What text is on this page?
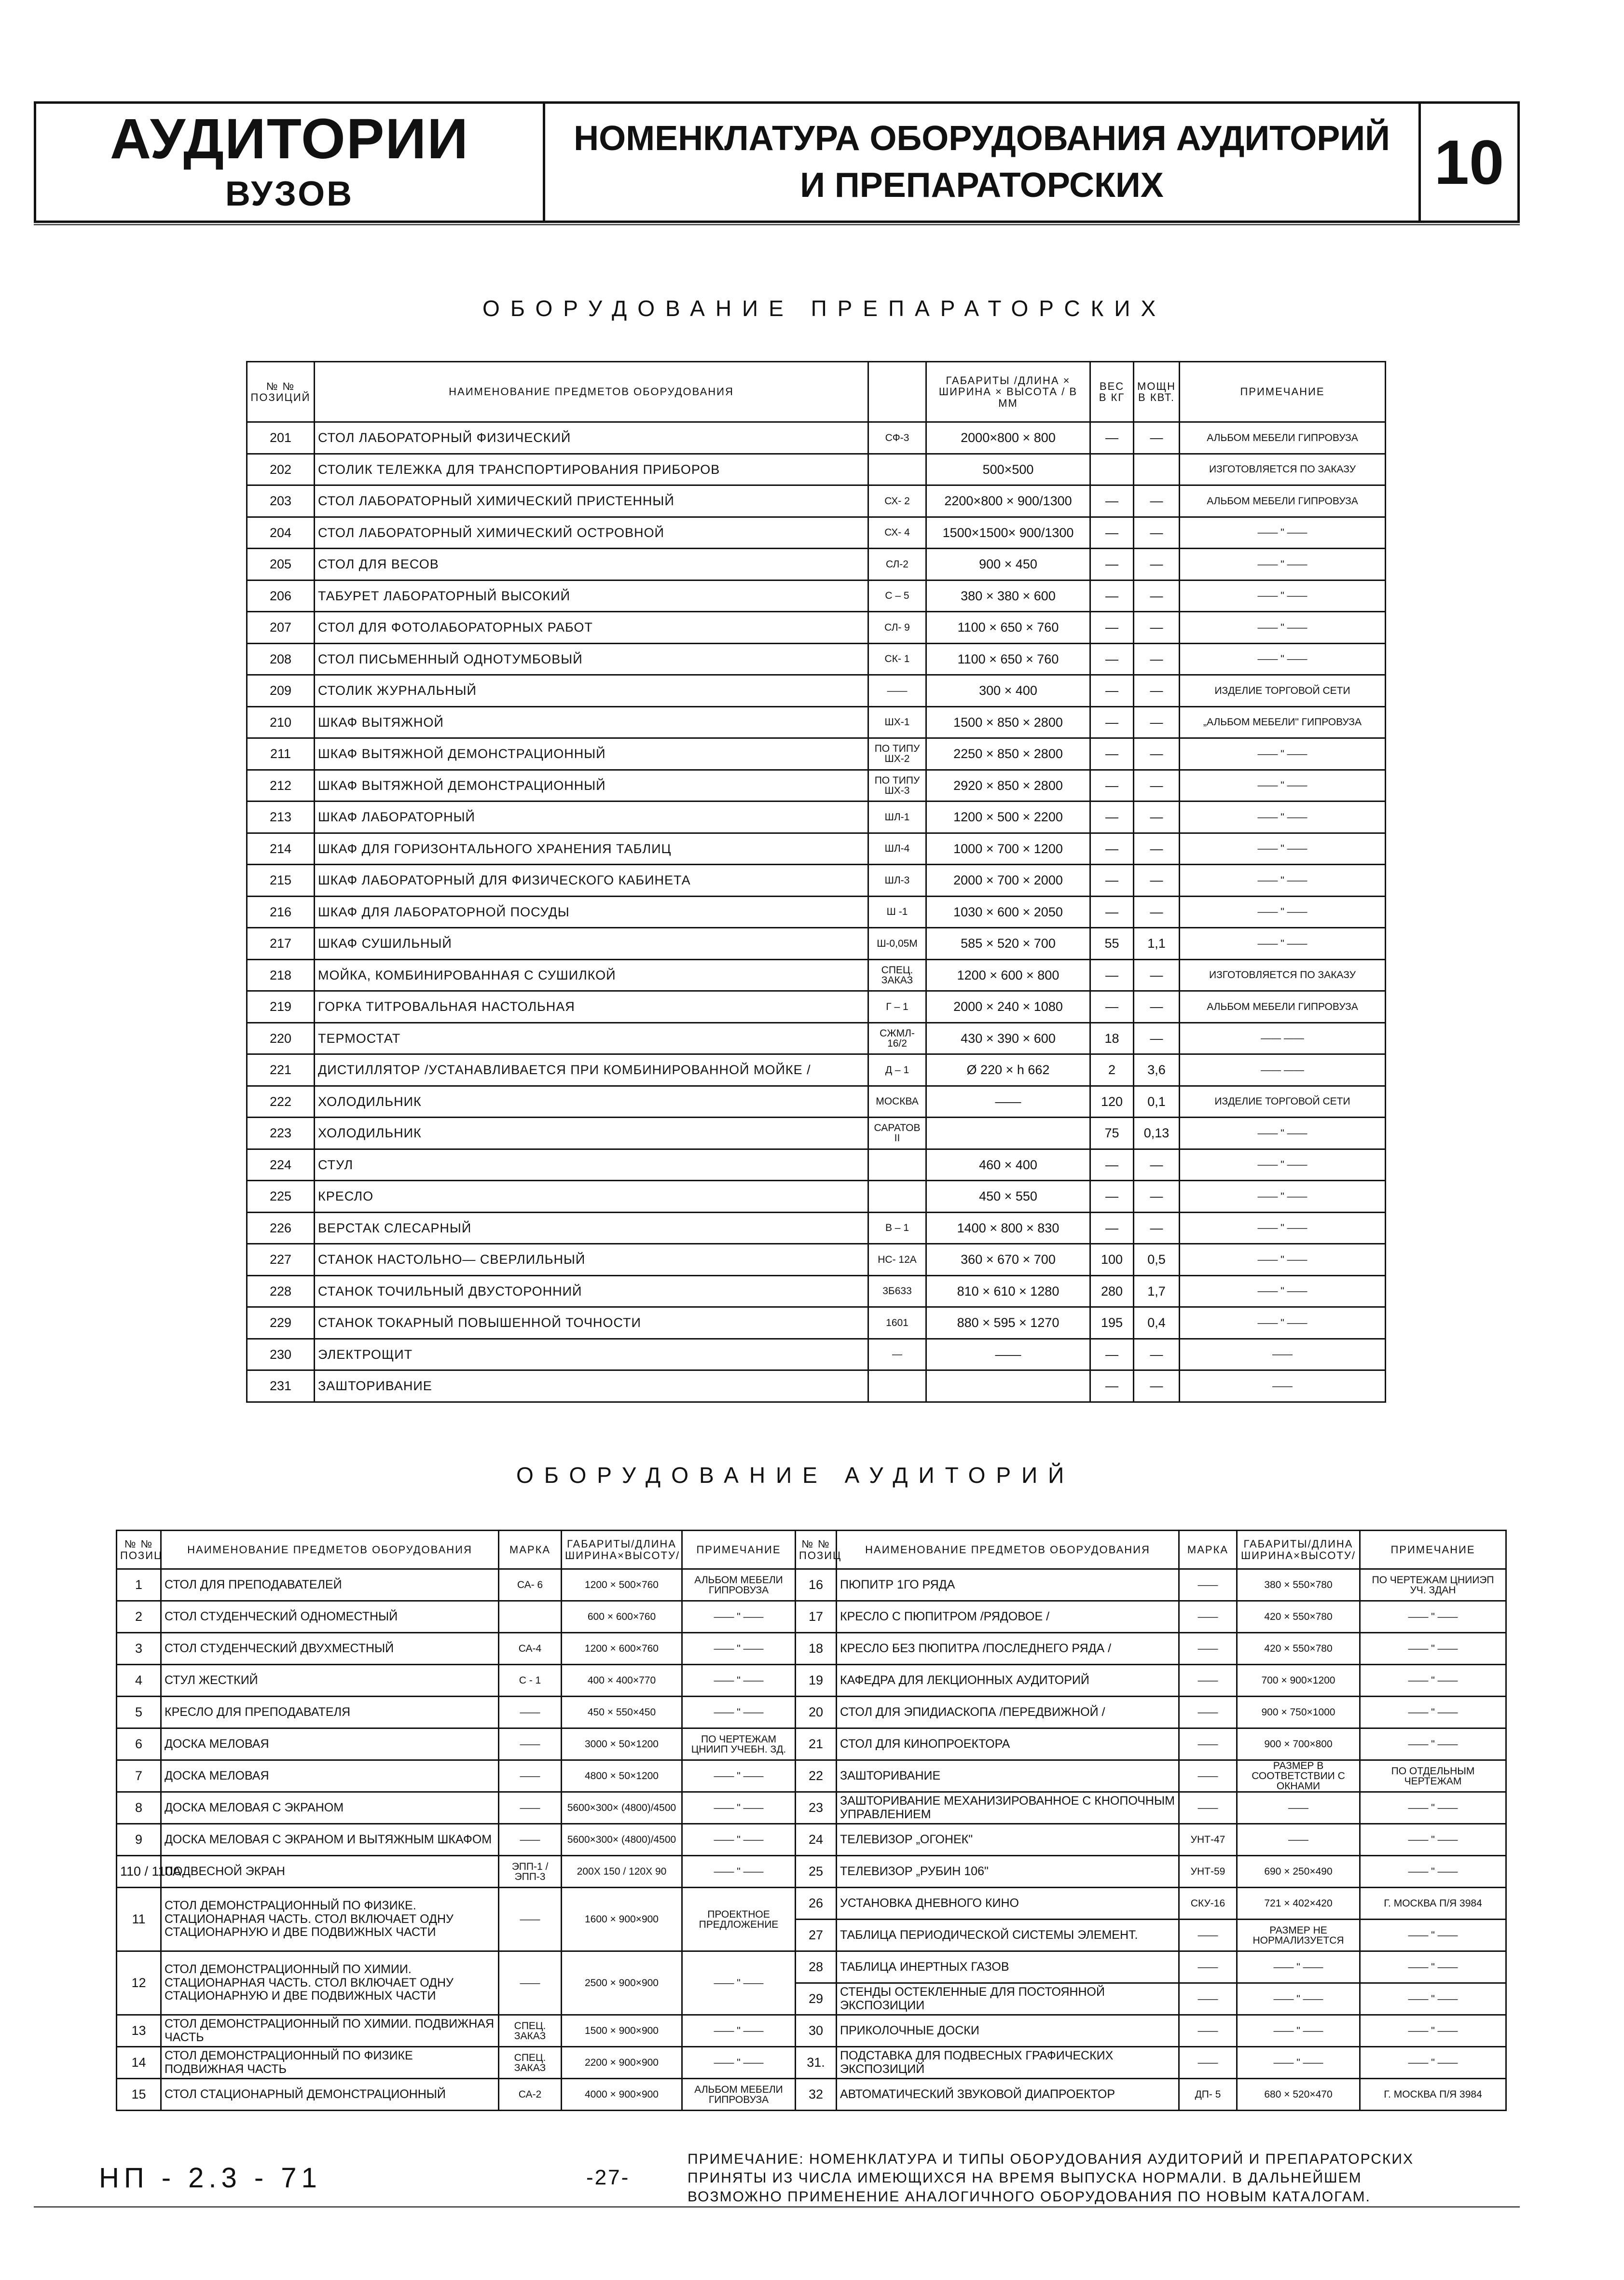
АУДИТОРИИ
ВУЗОВ
НОМЕНКЛАТУРА ОБОРУДОВАНИЯ АУДИТОРИЙ
И ПРЕПАРАТОРСКИХ	10
ОБОРУДОВАНИЕ ПРЕПАРАТОРСКИХ
№ № ПОЗИЦИЙ	НАИМЕНОВАНИЕ ПРЕДМЕТОВ ОБОРУДОВАНИЯ		ГАБАРИТЫ /ДЛИНА × ШИРИНА × ВЫСОТА / В ММ	ВЕС В КГ	МОЩН В КВТ.	ПРИМЕЧАНИЕ
201	СТОЛ ЛАБОРАТОРНЫЙ ФИЗИЧЕСКИЙ	СФ-3	2000×800 × 800	—	—	АЛЬБОМ МЕБЕЛИ ГИПРОВУЗА
202	СТОЛИК ТЕЛЕЖКА ДЛЯ ТРАНСПОРТИРОВАНИЯ ПРИБОРОВ		500×500			ИЗГОТОВЛЯЕТСЯ ПО ЗАКАЗУ
203	СТОЛ ЛАБОРАТОРНЫЙ ХИМИЧЕСКИЙ ПРИСТЕННЫЙ	СХ- 2	2200×800 × 900/1300	—	—	АЛЬБОМ МЕБЕЛИ ГИПРОВУЗА
204	СТОЛ ЛАБОРАТОРНЫЙ ХИМИЧЕСКИЙ ОСТРОВНОЙ	СХ- 4	1500×1500× 900/1300	—	—	—— " ——
205	СТОЛ ДЛЯ ВЕСОВ	СЛ-2	900 × 450	—	—	—— " ——
206	ТАБУРЕТ ЛАБОРАТОРНЫЙ ВЫСОКИЙ	С – 5	380 × 380 × 600	—	—	—— " ——
207	СТОЛ ДЛЯ ФОТОЛАБОРАТОРНЫХ РАБОТ	СЛ- 9	1100 × 650 × 760	—	—	—— " ——
208	СТОЛ ПИСЬМЕННЫЙ ОДНОТУМБОВЫЙ	СК- 1	1100 × 650 × 760	—	—	—— " ——
209	СТОЛИК ЖУРНАЛЬНЫЙ	——	300 × 400	—	—	ИЗДЕЛИЕ ТОРГОВОЙ СЕТИ
210	ШКАФ ВЫТЯЖНОЙ	ШХ-1	1500 × 850 × 2800	—	—	„АЛЬБОМ МЕБЕЛИ" ГИПРОВУЗА
211	ШКАФ ВЫТЯЖНОЙ ДЕМОНСТРАЦИОННЫЙ	ПО ТИПУ ШХ-2	2250 × 850 × 2800	—	—	—— " ——
212	ШКАФ ВЫТЯЖНОЙ ДЕМОНСТРАЦИОННЫЙ	ПО ТИПУ ШХ-3	2920 × 850 × 2800	—	—	—— " ——
213	ШКАФ ЛАБОРАТОРНЫЙ	ШЛ-1	1200 × 500 × 2200	—	—	—— " ——
214	ШКАФ ДЛЯ ГОРИЗОНТАЛЬНОГО ХРАНЕНИЯ ТАБЛИЦ	ШЛ-4	1000 × 700 × 1200	—	—	—— " ——
215	ШКАФ ЛАБОРАТОРНЫЙ ДЛЯ ФИЗИЧЕСКОГО КАБИНЕТА	ШЛ-3	2000 × 700 × 2000	—	—	—— " ——
216	ШКАФ ДЛЯ ЛАБОРАТОРНОЙ ПОСУДЫ	Ш -1	1030 × 600 × 2050	—	—	—— " ——
217	ШКАФ СУШИЛЬНЫЙ	Ш-0,05М	585 × 520 × 700	55	1,1	—— " ——
218	МОЙКА, КОМБИНИРОВАННАЯ С СУШИЛКОЙ	СПЕЦ. ЗАКАЗ	1200 × 600 × 800	—	—	ИЗГОТОВЛЯЕТСЯ ПО ЗАКАЗУ
219	ГОРКА ТИТРОВАЛЬНАЯ НАСТОЛЬНАЯ	Г – 1	2000 × 240 × 1080	—	—	АЛЬБОМ МЕБЕЛИ ГИПРОВУЗА
220	ТЕРМОСТАТ	СЖМЛ- 16/2	430 × 390 × 600	18	—	—— ——
221	ДИСТИЛЛЯТОР /УСТАНАВЛИВАЕТСЯ ПРИ КОМБИНИРОВАННОЙ МОЙКЕ /	Д – 1	Ø 220 × h 662	2	3,6	—— ——
222	ХОЛОДИЛЬНИК	МОСКВА	——	120	0,1	ИЗДЕЛИЕ ТОРГОВОЙ СЕТИ
223	ХОЛОДИЛЬНИК	САРАТОВ II		75	0,13	—— " ——
224	СТУЛ		460 × 400	—	—	—— " ——
225	КРЕСЛО		450 × 550	—	—	—— " ——
226	ВЕРСТАК СЛЕСАРНЫЙ	В – 1	1400 × 800 × 830	—	—	—— " ——
227	СТАНОК НАСТОЛЬНО— СВЕРЛИЛЬНЫЙ	НС- 12А	360 × 670 × 700	100	0,5	—— " ——
228	СТАНОК ТОЧИЛЬНЫЙ ДВУСТОРОННИЙ	3Б633	810 × 610 × 1280	280	1,7	—— " ——
229	СТАНОК ТОКАРНЫЙ ПОВЫШЕННОЙ ТОЧНОСТИ	1601	880 × 595 × 1270	195	0,4	—— " ——
230	ЭЛЕКТРОЩИТ	—	——	—	—	——
231	ЗАШТОРИВАНИЕ			—	—	——
ОБОРУДОВАНИЕ АУДИТОРИЙ
№ № ПОЗИЦ	НАИМЕНОВАНИЕ ПРЕДМЕТОВ ОБОРУДОВАНИЯ	МАРКА	ГАБАРИТЫ/ДЛИНА ШИРИНА×ВЫСОТУ/	ПРИМЕЧАНИЕ	№ № ПОЗИЦ	НАИМЕНОВАНИЕ ПРЕДМЕТОВ ОБОРУДОВАНИЯ	МАРКА	ГАБАРИТЫ/ДЛИНА ШИРИНА×ВЫСОТУ/	ПРИМЕЧАНИЕ
1	СТОЛ ДЛЯ ПРЕПОДАВАТЕЛЕЙ	СА- 6	1200 × 500×760	АЛЬБОМ МЕБЕЛИ ГИПРОВУЗА	16	ПЮПИТР 1ГО РЯДА	——	380 × 550×780	ПО ЧЕРТЕЖАМ ЦНИИЭП УЧ. ЗДАН
2	СТОЛ СТУДЕНЧЕСКИЙ ОДНОМЕСТНЫЙ		600 × 600×760	—— " ——	17	КРЕСЛО С ПЮПИТРОМ /РЯДОВОЕ /	——	420 × 550×780	—— " ——
3	СТОЛ СТУДЕНЧЕСКИЙ ДВУХМЕСТНЫЙ	СА-4	1200 × 600×760	—— " ——	18	КРЕСЛО БЕЗ ПЮПИТРА /ПОСЛЕДНЕГО РЯДА /	——	420 × 550×780	—— " ——
4	СТУЛ ЖЕСТКИЙ	С - 1	400 × 400×770	—— " ——	19	КАФЕДРА ДЛЯ ЛЕКЦИОННЫХ АУДИТОРИЙ	——	700 × 900×1200	—— " ——
5	КРЕСЛО ДЛЯ ПРЕПОДАВАТЕЛЯ	——	450 × 550×450	—— " ——	20	СТОЛ ДЛЯ ЭПИДИАСКОПА /ПЕРЕДВИЖНОЙ /	——	900 × 750×1000	—— " ——
6	ДОСКА МЕЛОВАЯ	——	3000 × 50×1200	ПО ЧЕРТЕЖАМ ЦНИИП УЧЕБН. ЗД.	21	СТОЛ ДЛЯ КИНОПРОЕКТОРА	——	900 × 700×800	—— " ——
7	ДОСКА МЕЛОВАЯ	——	4800 × 50×1200	—— " ——	22	ЗАШТОРИВАНИЕ	——	РАЗМЕР В СООТВЕТСТВИИ С ОКНАМИ	ПО ОТДЕЛЬНЫМ ЧЕРТЕЖАМ
8	ДОСКА МЕЛОВАЯ С ЭКРАНОМ	——	5600×300× (4800)/4500	—— " ——	23	ЗАШТОРИВАНИЕ МЕХАНИЗИРОВАННОЕ С КНОПОЧНЫМ УПРАВЛЕНИЕМ	——	——	—— " ——
9	ДОСКА МЕЛОВАЯ С ЭКРАНОМ И ВЫТЯЖНЫМ ШКАФОМ	——	5600×300× (4800)/4500	—— " ——	24	ТЕЛЕВИЗОР „ОГОНЕК"	УНТ-47	——	—— " ——
110 / 110А	ПОДВЕСНОЙ ЭКРАН	ЭПП-1 / ЭПП-3	200Х 150 / 120Х 90	—— " ——	25	ТЕЛЕВИЗОР „РУБИН 106"	УНТ-59	690 × 250×490	—— " ——
11	СТОЛ ДЕМОНСТРАЦИОННЫЙ ПО ФИЗИКЕ. СТАЦИОНАРНАЯ ЧАСТЬ. СТОЛ ВКЛЮЧАЕТ ОДНУ СТАЦИОНАРНУЮ И ДВЕ ПОДВИЖНЫХ ЧАСТИ	——	1600 × 900×900	ПРОЕКТНОЕ ПРЕДЛОЖЕНИЕ	26	УСТАНОВКА ДНЕВНОГО КИНО	СКУ-16	721 × 402×420	Г. МОСКВА П/Я 3984
					27	ТАБЛИЦА ПЕРИОДИЧЕСКОЙ СИСТЕМЫ ЭЛЕМЕНТ.	——	РАЗМЕР НЕ НОРМАЛИЗУЕТСЯ	—— " ——
12	СТОЛ ДЕМОНСТРАЦИОННЫЙ ПО ХИМИИ. СТАЦИОНАРНАЯ ЧАСТЬ. СТОЛ ВКЛЮЧАЕТ ОДНУ СТАЦИОНАРНУЮ И ДВЕ ПОДВИЖНЫХ ЧАСТИ	——	2500 × 900×900	—— " ——	28	ТАБЛИЦА ИНЕРТНЫХ ГАЗОВ	——	—— " ——	—— " ——
					29	СТЕНДЫ ОСТЕКЛЕННЫЕ ДЛЯ ПОСТОЯННОЙ ЭКСПОЗИЦИИ	——	—— " ——	—— " ——
13	СТОЛ ДЕМОНСТРАЦИОННЫЙ ПО ХИМИИ. ПОДВИЖНАЯ ЧАСТЬ	СПЕЦ. ЗАКАЗ	1500 × 900×900	—— " ——	30	ПРИКОЛОЧНЫЕ ДОСКИ	——	—— " ——	—— " ——
14	СТОЛ ДЕМОНСТРАЦИОННЫЙ ПО ФИЗИКЕ ПОДВИЖНАЯ ЧАСТЬ	СПЕЦ. ЗАКАЗ	2200 × 900×900	—— " ——	31.	ПОДСТАВКА ДЛЯ ПОДВЕСНЫХ ГРАФИЧЕСКИХ ЭКСПОЗИЦИЙ	——	—— " ——	—— " ——
15	СТОЛ СТАЦИОНАРНЫЙ ДЕМОНСТРАЦИОННЫЙ	СА-2	4000 × 900×900	АЛЬБОМ МЕБЕЛИ ГИПРОВУЗА	32	АВТОМАТИЧЕСКИЙ ЗВУКОВОЙ ДИАПРОЕКТОР	ДП- 5	680 × 520×470	Г. МОСКВА П/Я 3984
НП - 2.3 - 71	-27-
ПРИМЕЧАНИЕ: НОМЕНКЛАТУРА И ТИПЫ ОБОРУДОВАНИЯ АУДИТОРИЙ И ПРЕПАРАТОРСКИХ
ПРИНЯТЫ ИЗ ЧИСЛА ИМЕЮЩИХСЯ НА ВРЕМЯ ВЫПУСКА НОРМАЛИ. В ДАЛЬНЕЙШЕМ
ВОЗМОЖНО ПРИМЕНЕНИЕ АНАЛОГИЧНОГО ОБОРУДОВАНИЯ ПО НОВЫМ КАТАЛОГАМ.
